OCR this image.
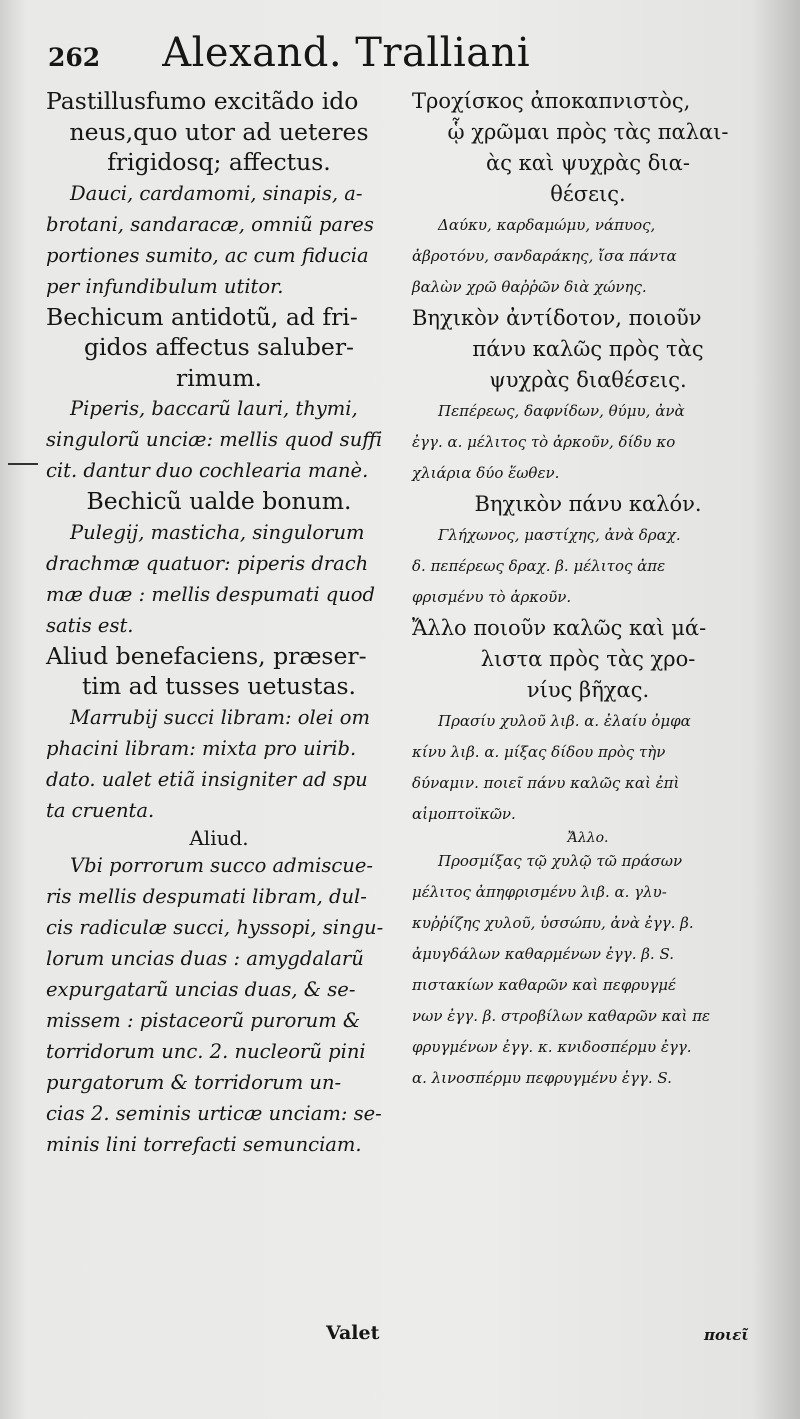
262 Alexand. Tralliani

Pastillusfumo excitãdo ido
neus,quo utor ad ueteres
frigidosq; affectus.

Dauci, cardamomi, sinapis, a-
brotani, sandaracæ, omniũ pares
portiones sumito, ac cum fiducia
per infundibulum utitor.

Bechicum antidotũ, ad fri-
gidos affectus saluber-
rimum.

Piperis, baccarũ lauri, thymi,
singulorũ unciæ: mellis quod suffi
cit. dantur duo cochlearia manè.

Bechicũ ualde bonum.

Pulegij, masticha, singulorum
drachmæ quatuor: piperis drach
mæ duæ : mellis despumati quod
satis est.

Aliud benefaciens, præser-
tim ad tusses uetustas.

Marrubij succi libram: olei om
phacini libram: mixta pro uirib.
dato. ualet etiã insigniter ad spu
ta cruenta.

Aliud.

Vbi porrorum succo admiscue-
ris mellis despumati libram, dul-
cis radiculæ succi, hyssopi, singu-
lorum uncias duas : amygdalarũ
expurgatarũ uncias duas, & se-
missem : pistaceorũ purorum &
torridorum unc. 2. nucleorũ pini
purgatorum & torridorum un-
cias 2. seminis urticæ unciam: se-
minis lini torrefacti semunciam.

Τροχίσκος ἀποκαπνιστὸς,
ᾧ χρῶμαι πρὸς τὰς παλαι-
ὰς καὶ ψυχρὰς δια-
θέσεις.

Δαύκυ, καρδαμώμυ, νάπυος,
ἀβροτόνυ, σανδαράκης, ἴσα πάντα
βαλὼν χρῶ θαῤῥῶν διὰ χώνης.

Βηχικὸν ἀντίδοτον, ποιοῦν
πάνυ καλῶς πρὸς τὰς
ψυχρὰς διαθέσεις.

Πεπέρεως, δαφνίδων, θύμυ, ἀνὰ
ἐγγ. α. μέλιτος τὸ ἀρκοῦν, δίδυ κο
χλιάρια δύο ἕωθεν.

Βηχικὸν πάνυ καλόν.

Γλήχωνος, μαστίχης, ἀνὰ δραχ.
δ. πεπέρεως δραχ. β. μέλιτος ἀπε
φρισμένυ τὸ ἀρκοῦν.

Ἄλλο ποιοῦν καλῶς καὶ μά-
λιστα πρὸς τὰς χρο-
νίυς βῆχας.

Πρασίυ χυλοῦ λιβ. α. ἐλαίυ ὀμφα
κίνυ λιβ. α. μίξας δίδου πρὸς τὴν
δύναμιν. ποιεῖ πάνυ καλῶς καὶ ἐπὶ
αἱμοπτοϊκῶν.

Ἄλλο.

Προσμίξας τῷ χυλῷ τῶ πράσων
μέλιτος ἀπηφρισμένυ λιβ. α. γλυ-
κυῤῥίζης χυλοῦ, ὑσσώπυ, ἀνὰ ἐγγ. β.
ἀμυγδάλων καθαρμένων ἐγγ. β. S.
πιστακίων καθαρῶν καὶ πεφρυγμέ
νων ἐγγ. β. στροβίλων καθαρῶν καὶ πε
φρυγμένων ἐγγ. κ. κνιδοσπέρμυ ἐγγ.
α. λινοσπέρμυ πεφρυγμένυ ἐγγ. S.

Valet	ποιεῖ
